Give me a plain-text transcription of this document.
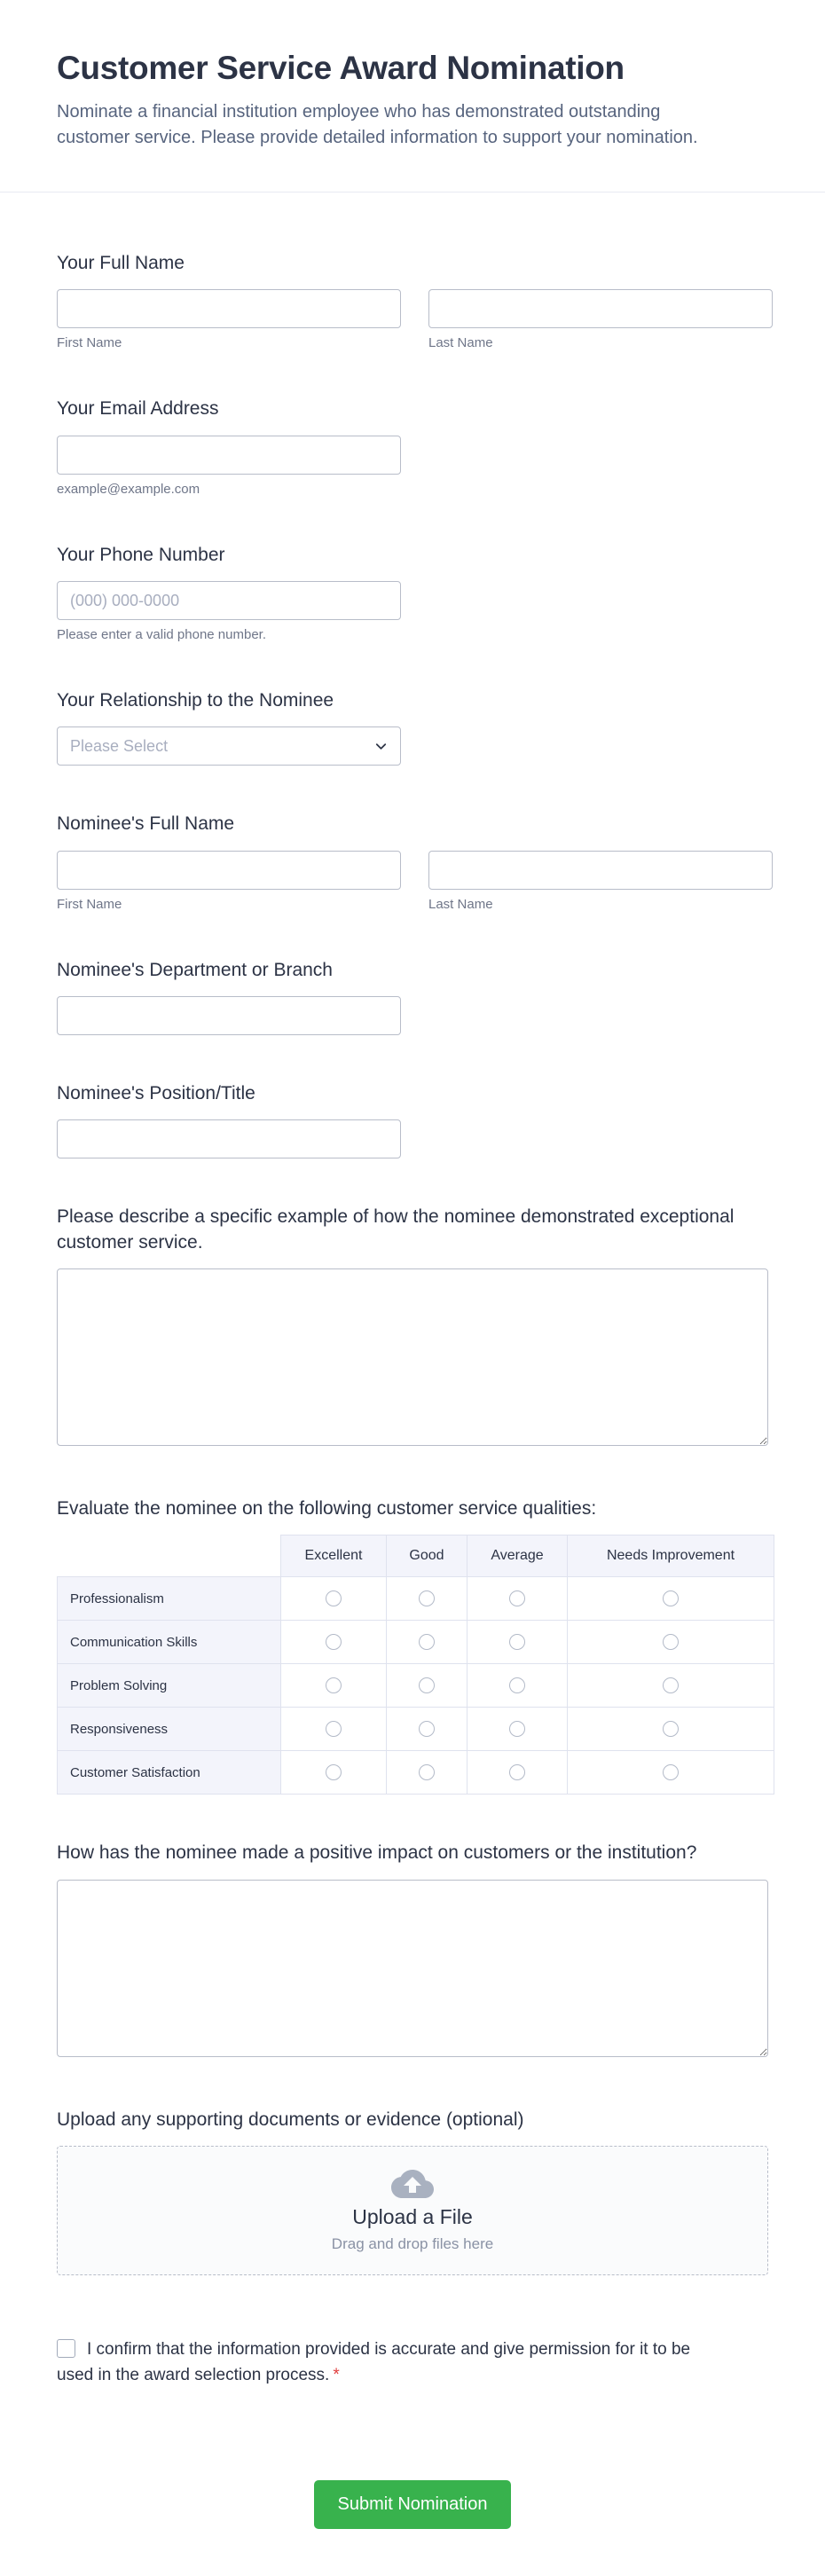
Customer Service Award Nomination

Nominate a financial institution employee who has demonstrated outstanding customer service. Please provide detailed information to support your nomination.

Your Full Name
First Name	Last Name
Your Email Address
example@example.com
Your Phone Number
(000) 000-0000
Please enter a valid phone number.
Your Relationship to the Nominee
Please Select
Nominee's Full Name
First Name	Last Name
Nominee's Department or Branch
Nominee's Position/Title
Please describe a specific example of how the nominee demonstrated exceptional customer service.
Evaluate the nominee on the following customer service qualities:
	Excellent	Good	Average	Needs Improvement
Professionalism				
Communication Skills				
Problem Solving				
Responsiveness				
Customer Satisfaction				
How has the nominee made a positive impact on customers or the institution?
Upload any supporting documents or evidence (optional)
Upload a File
Drag and drop files here
I confirm that the information provided is accurate and give permission for it to be used in the award selection process. *
Submit Nomination
